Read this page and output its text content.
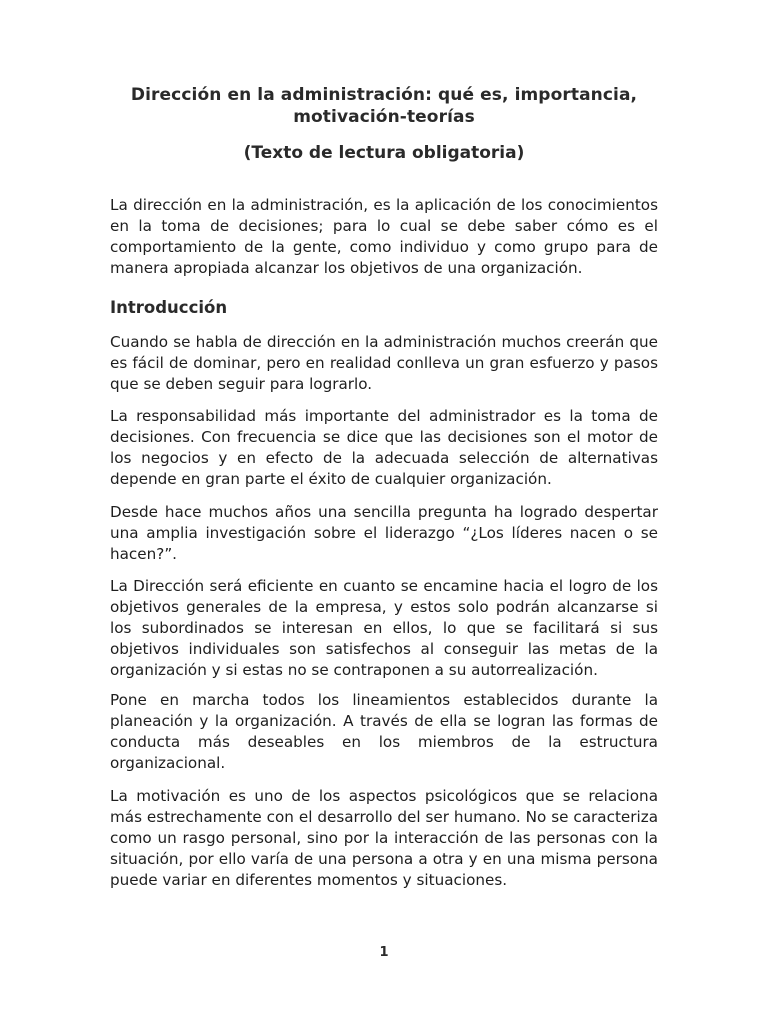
Dirección en la administración: qué es, importancia, motivación-teorías
(Texto de lectura obligatoria)
La dirección en la administración, es la aplicación de los conocimientos en la toma de decisiones; para lo cual se debe saber cómo es el comportamiento de la gente, como individuo y como grupo para de manera apropiada alcanzar los objetivos de una organización.
Introducción
Cuando se habla de dirección en la administración muchos creerán que es fácil de dominar, pero en realidad conlleva un gran esfuerzo y pasos que se deben seguir para lograrlo.
La responsabilidad más importante del administrador es la toma de decisiones. Con frecuencia se dice que las decisiones son el motor de los negocios y en efecto de la adecuada selección de alternativas depende en gran parte el éxito de cualquier organización.
Desde hace muchos años una sencilla pregunta ha logrado despertar una amplia investigación sobre el liderazgo “¿Los líderes nacen o se hacen?”.
La Dirección será eficiente en cuanto se encamine hacia el logro de los objetivos generales de la empresa, y estos solo podrán alcanzarse si los subordinados se interesan en ellos, lo que se facilitará si sus objetivos individuales son satisfechos al conseguir las metas de la organización y si estas no se contraponen a su autorrealización.
Pone en marcha todos los lineamientos establecidos durante la planeación y la organización. A través de ella se logran las formas de conducta más deseables en los miembros de la estructura organizacional.
La motivación es uno de los aspectos psicológicos que se relaciona más estrechamente con el desarrollo del ser humano. No se caracteriza como un rasgo personal, sino por la interacción de las personas con la situación, por ello varía de una persona a otra y en una misma persona puede variar en diferentes momentos y situaciones.
1
